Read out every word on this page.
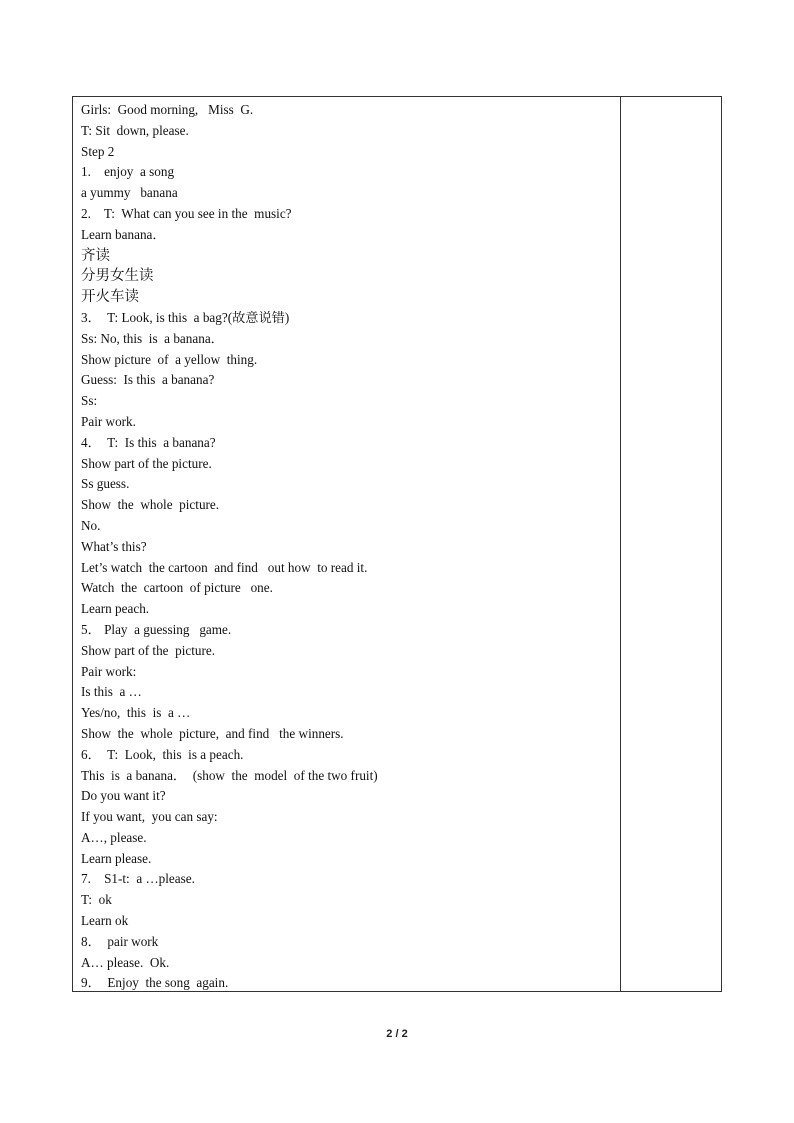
Girls:  Good morning,   Miss  G.
T: Sit  down, please.
Step 2
1.    enjoy  a song
a yummy   banana
2.    T:  What can you see in the  music?
Learn banana．
齐读
分男女生读
开火车读
3．  T: Look, is this  a bag?(故意说错)
Ss: No, this  is  a banana．
Show picture  of  a yellow  thing.
Guess:  Is this  a banana?
Ss:
Pair work.
4．  T:  Is this  a banana?
Show part of the picture.
Ss guess.
Show  the  whole  picture.
No.
What’s this?
Let’s watch  the cartoon  and find   out how  to read it.
Watch  the  cartoon  of picture   one.
Learn peach.
5． Play  a guessing   game.
Show part of the  picture.
Pair work:
Is this  a …
Yes/no,  this  is  a …
Show  the  whole  picture,  and find   the winners.
6．  T:  Look,  this  is a peach.
This  is  a banana．  (show  the  model  of the two fruit)
Do you want it?
If you want,  you can say:
A…, please.
Learn please.
7.    S1-t:  a …please.
T:  ok
Learn ok
8．  pair work
A… please.  Ok.
9．  Enjoy  the song  again.
2 / 2
